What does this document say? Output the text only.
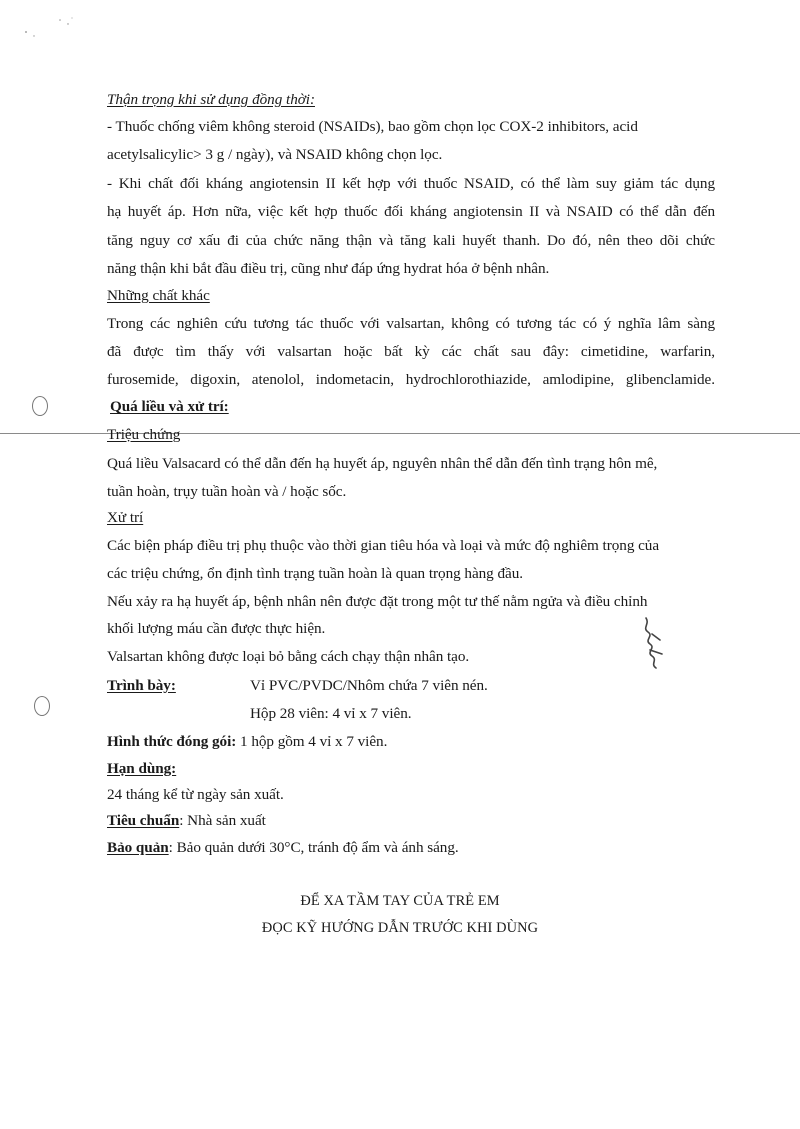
Thận trọng khi sử dụng đồng thời:
- Thuốc chống viêm không steroid (NSAIDs), bao gồm chọn lọc COX-2 inhibitors, acid
acetylsalicylic> 3 g / ngày), và NSAID không chọn lọc.
- Khi chất đối kháng angiotensin II kết hợp với thuốc NSAID, có thể làm suy giảm tác dụng
hạ huyết áp. Hơn nữa, việc kết hợp thuốc đối kháng angiotensin II và NSAID có thể dẫn đến
tăng nguy cơ xấu đi của chức năng thận và tăng kali huyết thanh. Do đó, nên theo dõi chức
năng thận khi bắt đầu điều trị, cũng như đáp ứng hydrat hóa ở bệnh nhân.
Những chất khác
Trong các nghiên cứu tương tác thuốc với valsartan, không có tương tác có ý nghĩa lâm sàng
đã được tìm thấy với valsartan hoặc bất kỳ các chất sau đây: cimetidine, warfarin,
furosemide, digoxin, atenolol, indometacin, hydrochlorothiazide, amlodipine, glibenclamide.
Quá liều và xử trí:
Triệu chứng
Quá liều Valsacard có thể dẫn đến hạ huyết áp, nguyên nhân thể dẫn đến tình trạng hôn mê,
tuần hoàn, trụy tuần hoàn và / hoặc sốc.
Xử trí
Các biện pháp điều trị phụ thuộc vào thời gian tiêu hóa và loại và mức độ nghiêm trọng của
các triệu chứng, ổn định tình trạng tuần hoàn là quan trọng hàng đầu.
Nếu xảy ra hạ huyết áp, bệnh nhân nên được đặt trong một tư thế nằm ngửa và điều chỉnh
khối lượng máu cần được thực hiện.
Valsartan không được loại bỏ bằng cách chạy thận nhân tạo.
Trình bày:	Vỉ PVC/PVDC/Nhôm chứa 7 viên nén.
Hộp 28 viên: 4 vỉ x 7 viên.
Hình thức đóng gói: 1 hộp gồm 4 vỉ x 7 viên.
Hạn dùng:
24 tháng kể từ ngày sản xuất.
Tiêu chuẩn: Nhà sản xuất
Bảo quản: Bảo quản dưới 30°C, tránh độ ẩm và ánh sáng.
ĐỂ XA TẦM TAY CỦA TRẺ EM
ĐỌC KỸ HƯỚNG DẪN TRƯỚC KHI DÙNG
